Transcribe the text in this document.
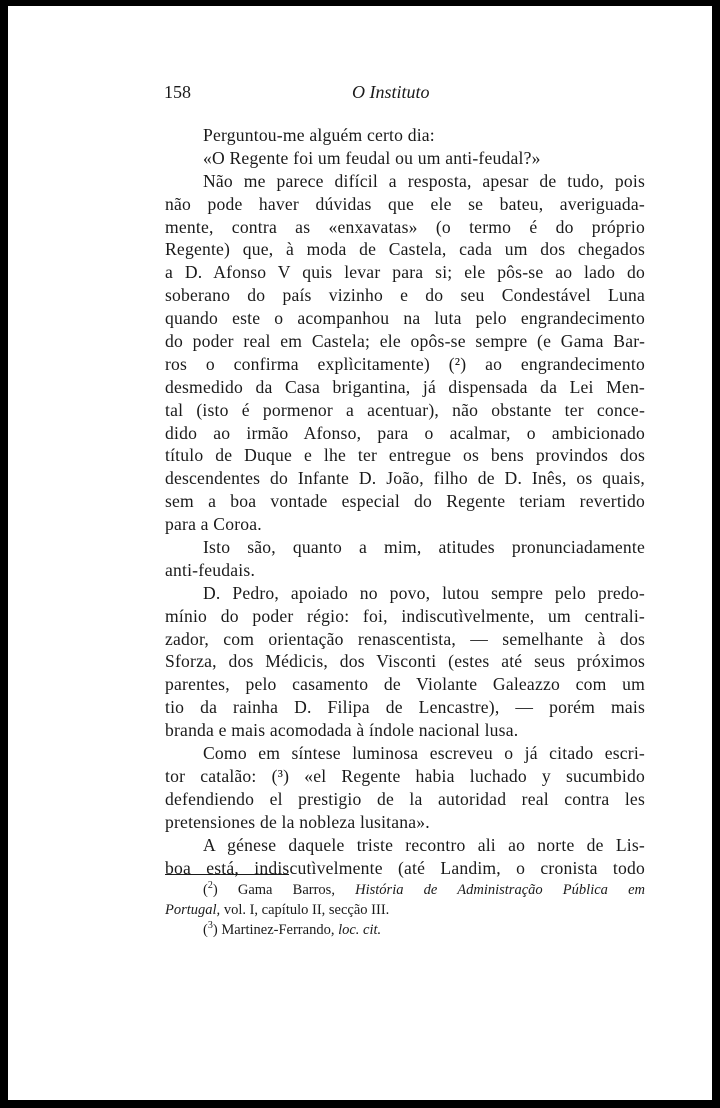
158	O Instituto
Perguntou-me alguém certo dia:
«O Regente foi um feudal ou um anti-feudal?»
Não me parece difícil a resposta, apesar de tudo, pois
não pode haver dúvidas que ele se bateu, averiguada-
mente, contra as «enxavatas» (o termo é do próprio
Regente) que, à moda de Castela, cada um dos chegados
a D. Afonso V quis levar para si; ele pôs-se ao lado do
soberano do país vizinho e do seu Condestável Luna
quando este o acompanhou na luta pelo engrandecimento
do poder real em Castela; ele opôs-se sempre (e Gama Bar-
ros o confirma explìcitamente) (²) ao engrandecimento
desmedido da Casa brigantina, já dispensada da Lei Men-
tal (isto é pormenor a acentuar), não obstante ter conce-
dido ao irmão Afonso, para o acalmar, o ambicionado
título de Duque e lhe ter entregue os bens provindos dos
descendentes do Infante D. João, filho de D. Inês, os quais,
sem a boa vontade especial do Regente teriam revertido
para a Coroa.
Isto são, quanto a mim, atitudes pronunciadamente
anti-feudais.
D. Pedro, apoiado no povo, lutou sempre pelo predo-
mínio do poder régio: foi, indiscutìvelmente, um centrali-
zador, com orientação renascentista, — semelhante à dos
Sforza, dos Médicis, dos Visconti (estes até seus próximos
parentes, pelo casamento de Violante Galeazzo com um
tio da rainha D. Filipa de Lencastre), — porém mais
branda e mais acomodada à índole nacional lusa.
Como em síntese luminosa escreveu o já citado escri-
tor catalão: (³) «el Regente habia luchado y sucumbido
defendiendo el prestigio de la autoridad real contra les
pretensiones de la nobleza lusitana».
A génese daquele triste recontro ali ao norte de Lis-
boa está, indiscutìvelmente (até Landim, o cronista todo
($^2$) Gama Barros, História de Administração Pública em
Portugal, vol. I, capítulo II, secção III.
($^3$) Martinez-Ferrando, loc. cit.
